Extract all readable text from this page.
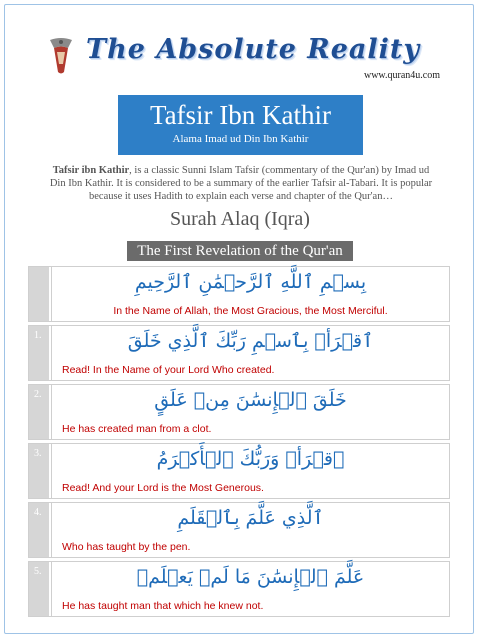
The Absolute Reality
www.quran4u.com
Tafsir Ibn Kathir
Alama Imad ud Din Ibn Kathir
Tafsir ibn Kathir, is a classic Sunni Islam Tafsir (commentary of the Qur'an) by Imad ud Din Ibn Kathir. It is considered to be a summary of the earlier Tafsir al-Tabari. It is popular because it uses Hadith to explain each verse and chapter of the Qur'an…
Surah Alaq (Iqra)
The First Revelation of the Qur'an
بِسۡمِ ٱللَّهِ ٱلرَّحۡمَٰنِ ٱلرَّحِيمِ
In the Name of Allah, the Most Gracious, the Most Merciful.
1.	ٱقۡرَأۡ بِٱسۡمِ رَبِّكَ ٱلَّذِي خَلَقَ
Read! In the Name of your Lord Who created.
2.	خَلَقَ ٱلۡإِنسَٰنَ مِنۡ عَلَقٍ
He has created man from a clot.
3.	ٱقۡرَأۡ وَرَبُّكَ ٱلۡأَكۡرَمُ
Read! And your Lord is the Most Generous.
4.	ٱلَّذِي عَلَّمَ بِٱلۡقَلَمِ
Who has taught by the pen.
5.	عَلَّمَ ٱلۡإِنسَٰنَ مَا لَمۡ يَعۡلَمۡ
He has taught man that which he knew not.
